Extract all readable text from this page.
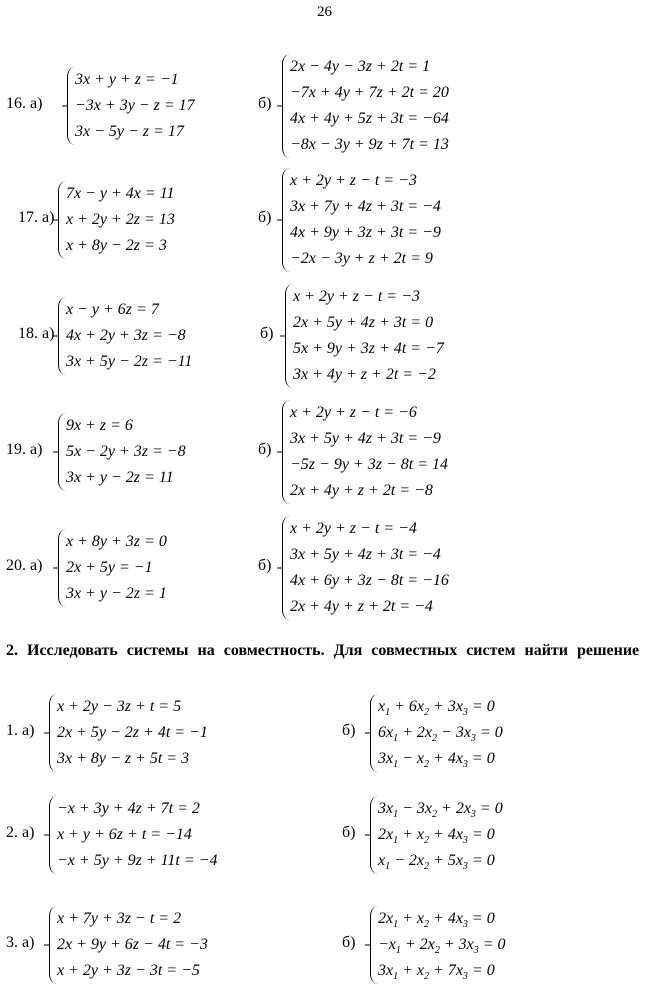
26
16. а)
3x + y + z = −1
−3x + 3y − z = 17
3x − 5y − z = 17
б)
2x − 4y − 3z + 2t = 1
−7x + 4y + 7z + 2t = 20
4x + 4y + 5z + 3t = −64
−8x − 3y + 9z + 7t = 13
17. а)
7x − y + 4x = 11
x + 2y + 2z = 13
x + 8y − 2z = 3
б)
x + 2y + z − t = −3
3x + 7y + 4z + 3t = −4
4x + 9y + 3z + 3t = −9
−2x − 3y + z + 2t = 9
18. а)
x − y + 6z = 7
4x + 2y + 3z = −8
3x + 5y − 2z = −11
б)
x + 2y + z − t = −3
2x + 5y + 4z + 3t = 0
5x + 9y + 3z + 4t = −7
3x + 4y + z + 2t = −2
19. а)
9x + z = 6
5x − 2y + 3z = −8
3x + y − 2z = 11
б)
x + 2y + z − t = −6
3x + 5y + 4z + 3t = −9
−5z − 9y + 3z − 8t = 14
2x + 4y + z + 2t = −8
20. а)
x + 8y + 3z = 0
2x + 5y = −1
3x + y − 2z = 1
б)
x + 2y + z − t = −4
3x + 5y + 4z + 3t = −4
4x + 6y + 3z − 8t = −16
2x + 4y + z + 2t = −4
2. Исследовать системы на совместность. Для совместных систем найти решение
1. а)
x + 2y − 3z + t = 5
2x + 5y − 2z + 4t = −1
3x + 8y − z + 5t = 3
б)
$x_1 + 6x_2 + 3x_3 = 0$
$6x_1 + 2x_2 - 3x_3 = 0$
$3x_1 - x_2 + 4x_3 = 0$
2. а)
−x + 3y + 4z + 7t = 2
x + y + 6z + t = −14
−x + 5y + 9z + 11t = −4
б)
$3x_1 - 3x_2 + 2x_3 = 0$
$2x_1 + x_2 + 4x_3 = 0$
$x_1 - 2x_2 + 5x_3 = 0$
3. а)
x + 7y + 3z − t = 2
2x + 9y + 6z − 4t = −3
x + 2y + 3z − 3t = −5
б)
$2x_1 + x_2 + 4x_3 = 0$
$-x_1 + 2x_2 + 3x_3 = 0$
$3x_1 + x_2 + 7x_3 = 0$
